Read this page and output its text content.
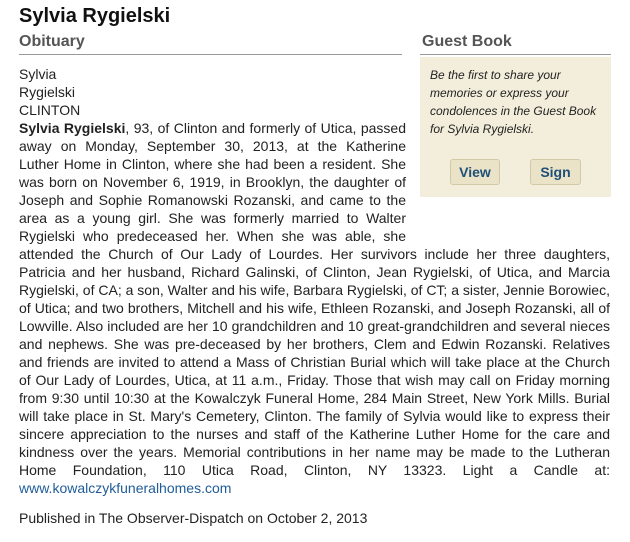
Sylvia Rygielski
Obituary	Guest Book
Be the first to share your memories or express your condolences in the Guest Book for Sylvia Rygielski.
View	Sign
Sylvia
Rygielski
CLINTON

Sylvia Rygielski, 93, of Clinton and formerly of Utica, passed away on Monday, September 30, 2013, at the Katherine Luther Home in Clinton, where she had been a resident. She was born on November 6, 1919, in Brooklyn, the daughter of Joseph and Sophie Romanowski Rozanski, and came to the area as a young girl. She was formerly married to Walter Rygielski who predeceased her. When she was able, she attended the Church of Our Lady of Lourdes. Her survivors include her three daughters, Patricia and her husband, Richard Galinski, of Clinton, Jean Rygielski, of Utica, and Marcia Rygielski, of CA; a son, Walter and his wife, Barbara Rygielski, of CT; a sister, Jennie Borowiec, of Utica; and two brothers, Mitchell and his wife, Ethleen Rozanski, and Joseph Rozanski, all of Lowville. Also included are her 10 grandchildren and 10 great-grandchildren and several nieces and nephews. She was pre-deceased by her brothers, Clem and Edwin Rozanski. Relatives and friends are invited to attend a Mass of Christian Burial which will take place at the Church of Our Lady of Lourdes, Utica, at 11 a.m., Friday. Those that wish may call on Friday morning from 9:30 until 10:30 at the Kowalczyk Funeral Home, 284 Main Street, New York Mills. Burial will take place in St. Mary's Cemetery, Clinton. The family of Sylvia would like to express their sincere appreciation to the nurses and staff of the Katherine Luther Home for the care and kindness over the years. Memorial contributions in her name may be made to the Lutheran Home Foundation, 110 Utica Road, Clinton, NY 13323. Light a Candle at: www.kowalczykfuneralhomes.com

Published in The Observer-Dispatch on October 2, 2013
